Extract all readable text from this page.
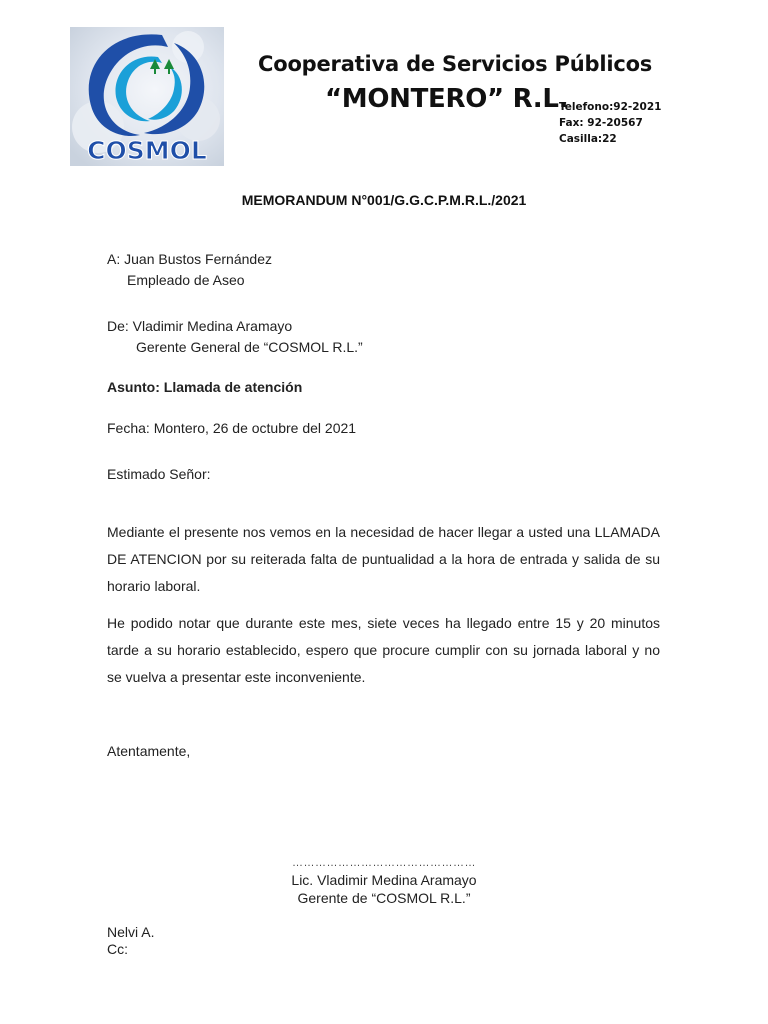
COSMOL
Cooperativa de Servicios Públicos
“MONTERO” R.L.
Telefono:92-2021
Fax: 92-20567
Casilla:22
MEMORANDUM N°001/G.G.C.P.M.R.L./2021
A: Juan Bustos Fernández
Empleado de Aseo
De: Vladimir Medina Aramayo
Gerente General de “COSMOL R.L.”
Asunto: Llamada de atención
Fecha: Montero, 26 de octubre del 2021
Estimado Señor:
Mediante el presente nos vemos en la necesidad de hacer llegar a usted una LLAMADA DE ATENCION por su reiterada falta de puntualidad a la hora de entrada y salida de su horario laboral.
He podido notar que durante este mes, siete veces ha llegado entre 15 y 20 minutos tarde a su horario establecido, espero que procure cumplir con su jornada laboral y no se vuelva a presentar este inconveniente.
Atentamente,
…………………………………………
Lic. Vladimir Medina Aramayo
Gerente de “COSMOL R.L.”
Nelvi A.
Cc:
